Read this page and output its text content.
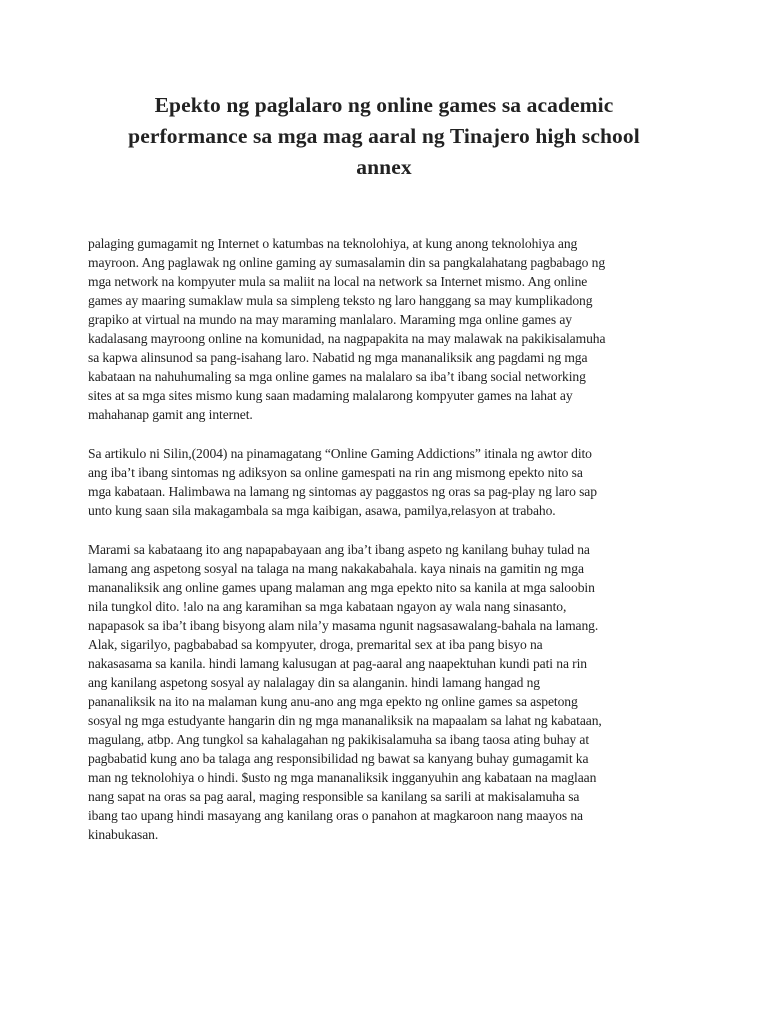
Epekto ng paglalaro ng online games sa academic
performance sa mga mag aaral ng Tinajero high school
annex

palaging gumagamit ng Internet o katumbas na teknolohiya, at kung anong teknolohiya ang
mayroon. Ang paglawak ng online gaming ay sumasalamin din sa pangkalahatang pagbabago ng
mga network na kompyuter mula sa maliit na local na network sa Internet mismo. Ang online
games ay maaring sumaklaw mula sa simpleng teksto ng laro hanggang sa may kumplikadong
grapiko at virtual na mundo na may maraming manlalaro. Maraming mga online games ay
kadalasang mayroong online na komunidad, na nagpapakita na may malawak na pakikisalamuha
sa kapwa alinsunod sa pang-isahang laro. Nabatid ng mga mananaliksik ang pagdami ng mga
kabataan na nahuhumaling sa mga online games na malalaro sa iba’t ibang social networking
sites at sa mga sites mismo kung saan madaming malalarong kompyuter games na lahat ay
mahahanap gamit ang internet.

Sa artikulo ni Silin,(2004) na pinamagatang “Online Gaming Addictions” itinala ng awtor dito
ang iba’t ibang sintomas ng adiksyon sa online gamespati na rin ang mismong epekto nito sa
mga kabataan. Halimbawa na lamang ng sintomas ay paggastos ng oras sa pag-play ng laro sap
unto kung saan sila makagambala sa mga kaibigan, asawa, pamilya,relasyon at trabaho.

Marami sa kabataang ito ang napapabayaan ang iba’t ibang aspeto ng kanilang buhay tulad na
lamang ang aspetong sosyal na talaga na mang nakakabahala. kaya ninais na gamitin ng mga
mananaliksik ang online games upang malaman ang mga epekto nito sa kanila at mga saloobin
nila tungkol dito. !alo na ang karamihan sa mga kabataan ngayon ay wala nang sinasanto,
napapasok sa iba’t ibang bisyong alam nila’y masama ngunit nagsasawalang-bahala na lamang.
Alak, sigarilyo, pagbababad sa kompyuter, droga, premarital sex at iba pang bisyo na
nakasasama sa kanila. hindi lamang kalusugan at pag-aaral ang naapektuhan kundi pati na rin
ang kanilang aspetong sosyal ay nalalagay din sa alanganin. hindi lamang hangad ng
pananaliksik na ito na malaman kung anu-ano ang mga epekto ng online games sa aspetong
sosyal ng mga estudyante hangarin din ng mga mananaliksik na mapaalam sa lahat ng kabataan,
magulang, atbp. Ang tungkol sa kahalagahan ng pakikisalamuha sa ibang taosa ating buhay at
pagbabatid kung ano ba talaga ang responsibilidad ng bawat sa kanyang buhay gumagamit ka
man ng teknolohiya o hindi. $usto ng mga mananaliksik ingganyuhin ang kabataan na maglaan
nang sapat na oras sa pag aaral, maging responsible sa kanilang sa sarili at makisalamuha sa
ibang tao upang hindi masayang ang kanilang oras o panahon at magkaroon nang maayos na
kinabukasan.
